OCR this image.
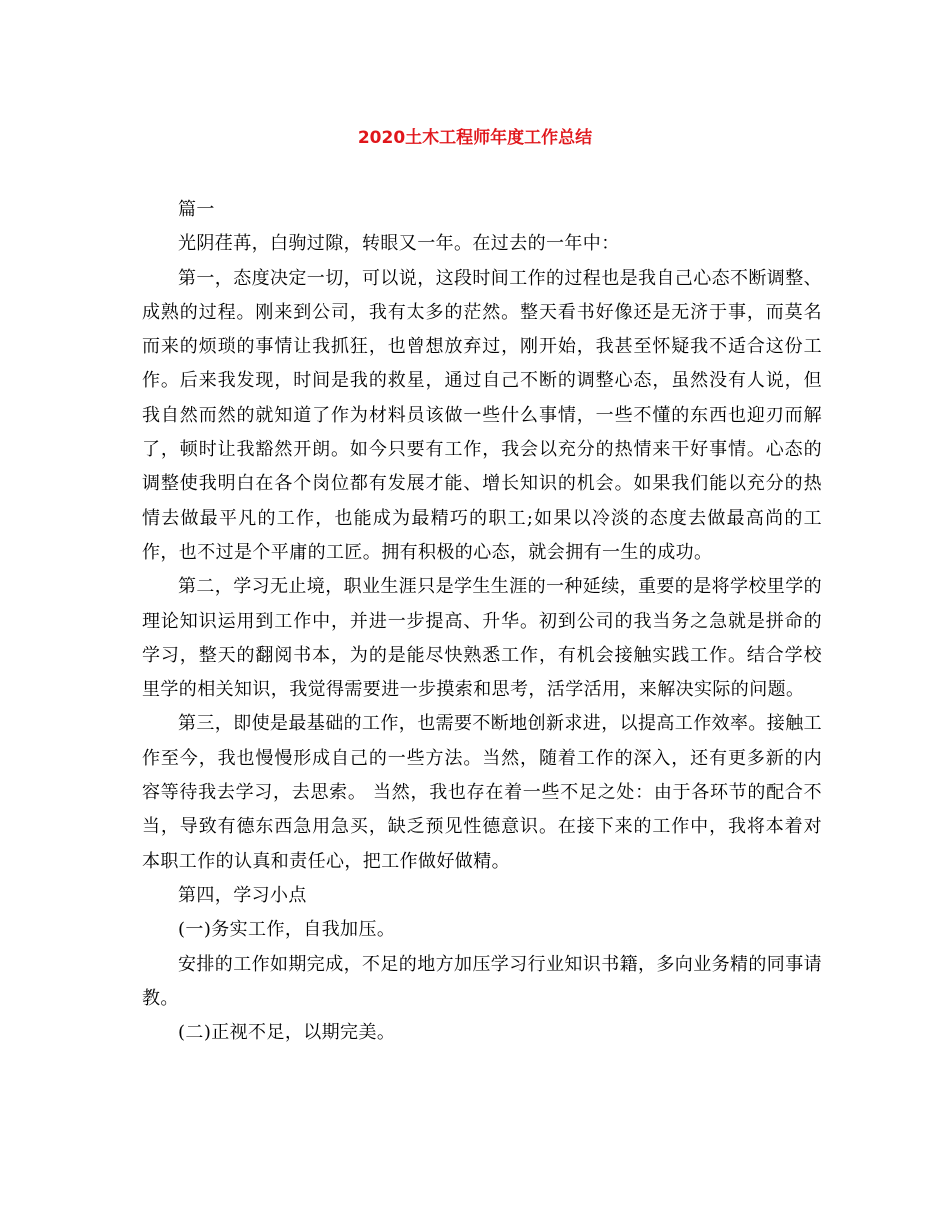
2020土木工程师年度工作总结

篇一

光阴荏苒，白驹过隙，转眼又一年。在过去的一年中：

第一，态度决定一切，可以说，这段时间工作的过程也是我自己心态不断调整、成熟的过程。刚来到公司，我有太多的茫然。整天看书好像还是无济于事，而莫名而来的烦琐的事情让我抓狂，也曾想放弃过，刚开始，我甚至怀疑我不适合这份工作。后来我发现，时间是我的救星，通过自己不断的调整心态，虽然没有人说，但我自然而然的就知道了作为材料员该做一些什么事情，一些不懂的东西也迎刃而解了，顿时让我豁然开朗。如今只要有工作，我会以充分的热情来干好事情。心态的调整使我明白在各个岗位都有发展才能、增长知识的机会。如果我们能以充分的热情去做最平凡的工作，也能成为最精巧的职工;如果以冷淡的态度去做最高尚的工作，也不过是个平庸的工匠。拥有积极的心态，就会拥有一生的成功。

第二，学习无止境，职业生涯只是学生生涯的一种延续，重要的是将学校里学的理论知识运用到工作中，并进一步提高、升华。初到公司的我当务之急就是拼命的学习，整天的翻阅书本，为的是能尽快熟悉工作，有机会接触实践工作。结合学校里学的相关知识，我觉得需要进一步摸索和思考，活学活用，来解决实际的问题。

第三，即使是最基础的工作，也需要不断地创新求进，以提高工作效率。接触工作至今，我也慢慢形成自己的一些方法。当然，随着工作的深入，还有更多新的内容等待我去学习，去思索。 当然，我也存在着一些不足之处：由于各环节的配合不当，导致有德东西急用急买，缺乏预见性德意识。在接下来的工作中，我将本着对本职工作的认真和责任心，把工作做好做精。

第四，学习小点

(一)务实工作，自我加压。

安排的工作如期完成，不足的地方加压学习行业知识书籍，多向业务精的同事请教。

(二)正视不足，以期完美。
